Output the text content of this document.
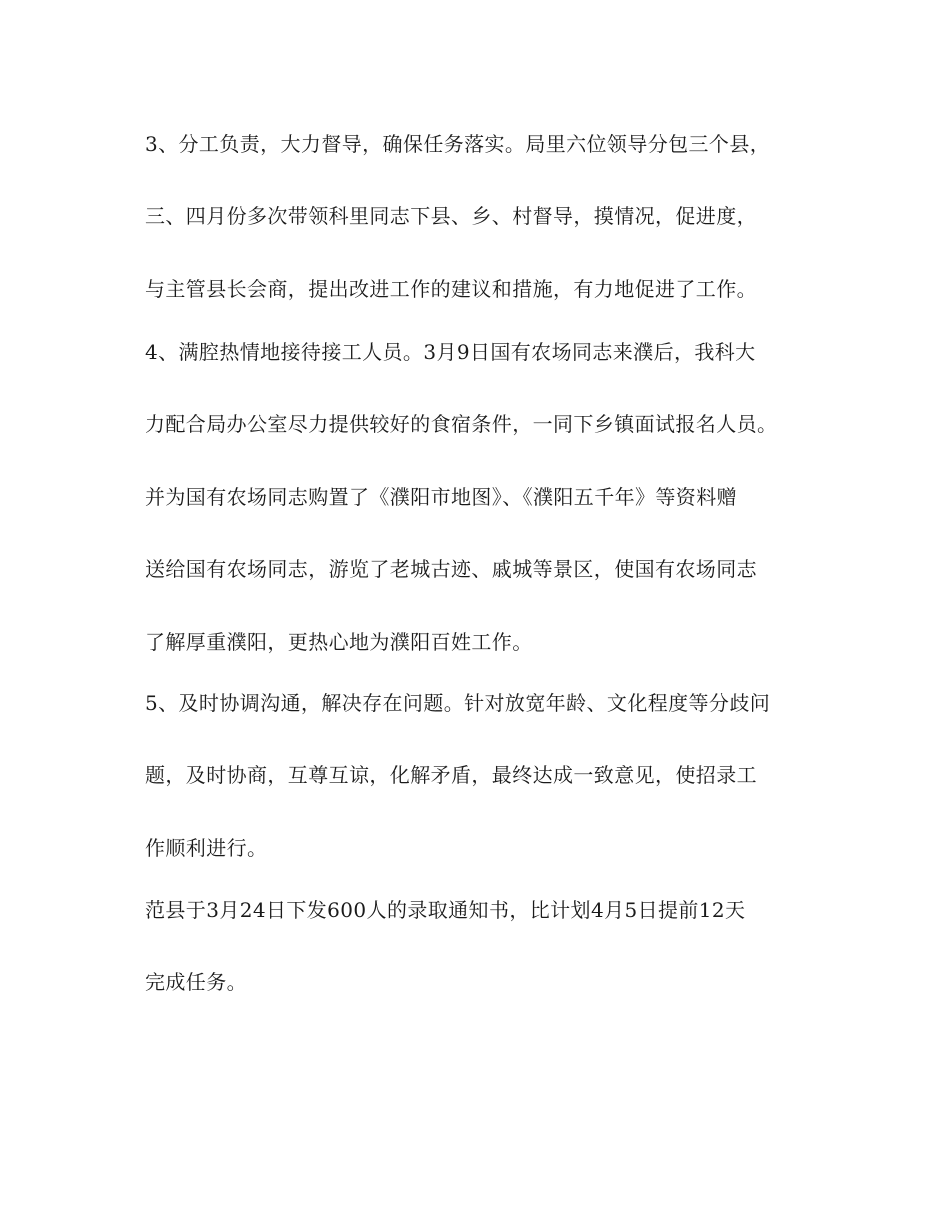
3、分工负责，大力督导，确保任务落实。局里六位领导分包三个县，
三、四月份多次带领科里同志下县、乡、村督导，摸情况，促进度，
与主管县长会商，提出改进工作的建议和措施，有力地促进了工作。
4、满腔热情地接待接工人员。3月9日国有农场同志来濮后，我科大
力配合局办公室尽力提供较好的食宿条件，一同下乡镇面试报名人员。
并为国有农场同志购置了《濮阳市地图》、《濮阳五千年》等资料赠
送给国有农场同志，游览了老城古迹、戚城等景区，使国有农场同志
了解厚重濮阳，更热心地为濮阳百姓工作。
5、及时协调沟通，解决存在问题。针对放宽年龄、文化程度等分歧问
题，及时协商，互尊互谅，化解矛盾，最终达成一致意见，使招录工
作顺利进行。
范县于3月24日下发600人的录取通知书，比计划4月5日提前12天
完成任务。
